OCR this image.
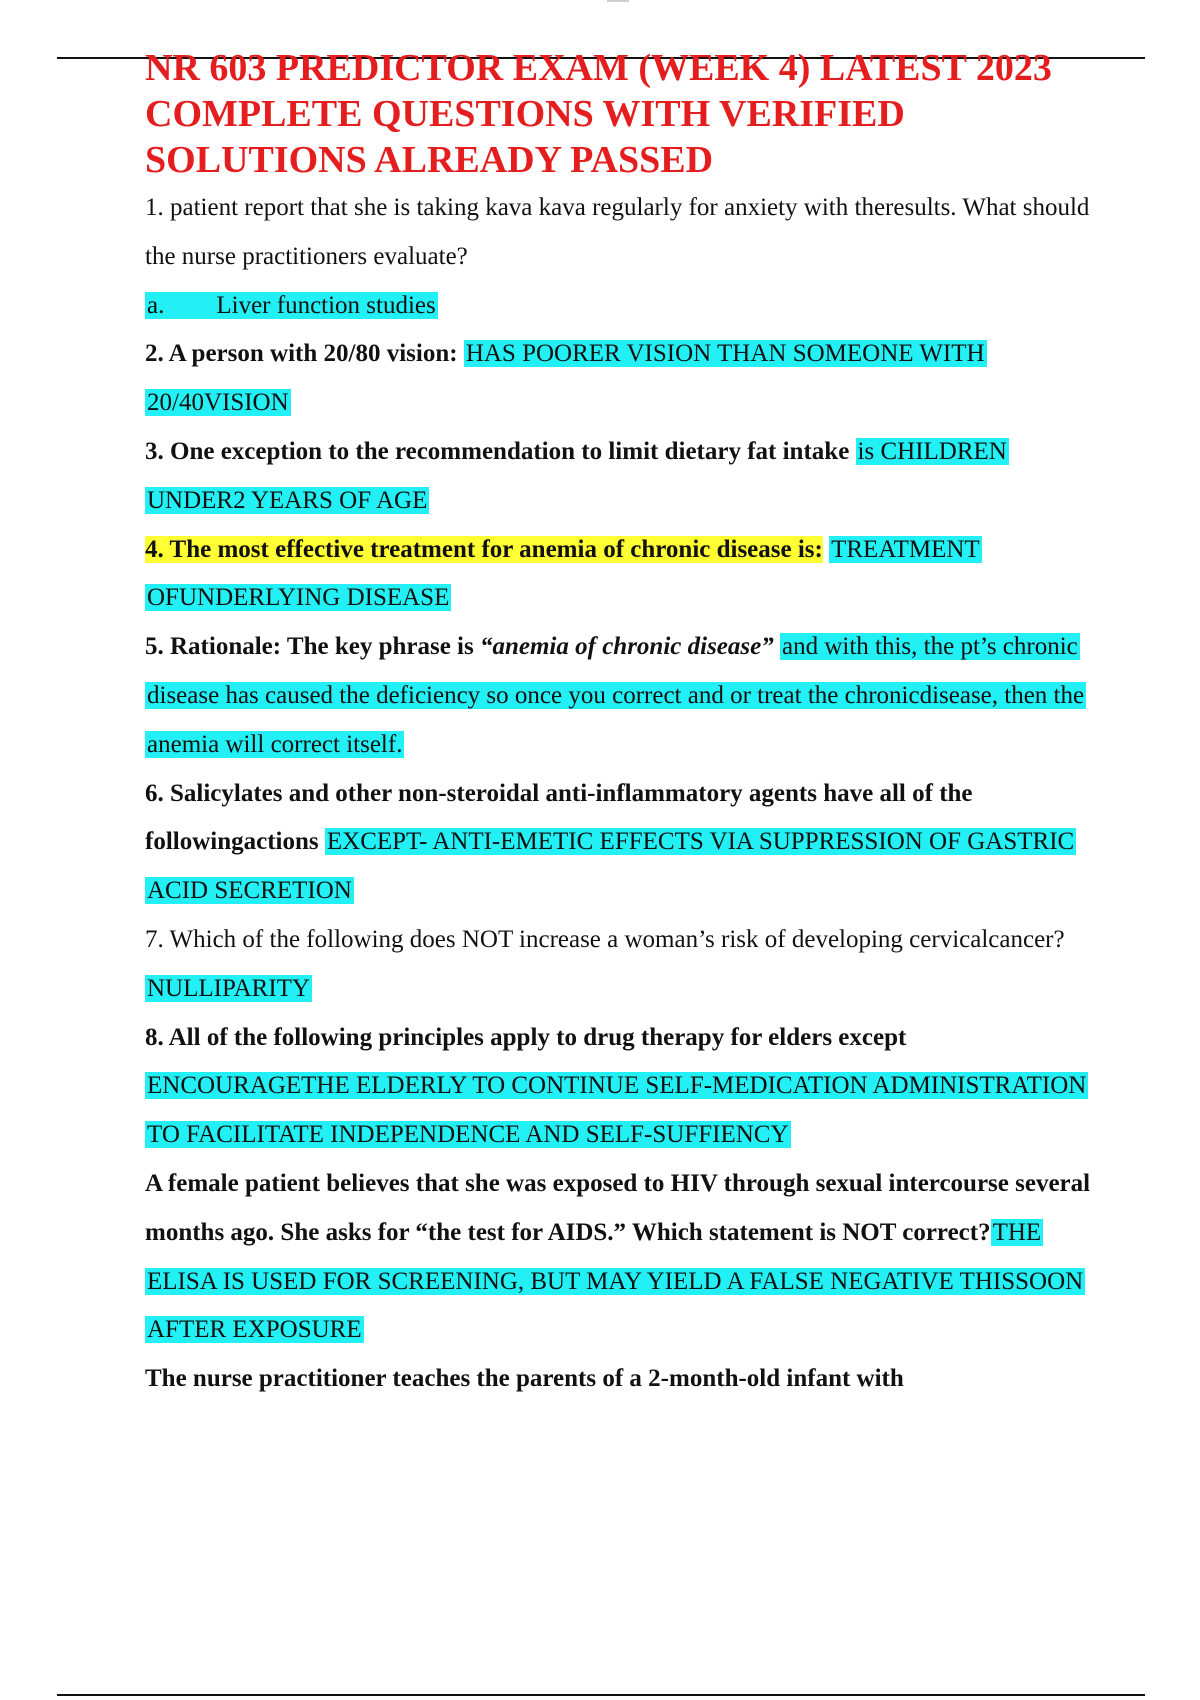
NR 603 PREDICTOR EXAM (WEEK 4) LATEST 2023 COMPLETE QUESTIONS WITH VERIFIED SOLUTIONS ALREADY PASSED

1. patient report that she is taking kava kava regularly for anxiety with theresults. What should the nurse practitioners evaluate?

a. Liver function studies

2. A person with 20/80 vision: HAS POORER VISION THAN SOMEONE WITH 20/40VISION

3. One exception to the recommendation to limit dietary fat intake is CHILDREN UNDER2 YEARS OF AGE

4. The most effective treatment for anemia of chronic disease is: TREATMENT OFUNDERLYING DISEASE

5. Rationale: The key phrase is “anemia of chronic disease” and with this, the pt’s chronic disease has caused the deficiency so once you correct and or treat the chronicdisease, then the anemia will correct itself.

6. Salicylates and other non-steroidal anti-inflammatory agents have all of the followingactions EXCEPT- ANTI-EMETIC EFFECTS VIA SUPPRESSION OF GASTRIC ACID SECRETION

7. Which of the following does NOT increase a woman’s risk of developing cervicalcancer? NULLIPARITY

8. All of the following principles apply to drug therapy for elders except ENCOURAGETHE ELDERLY TO CONTINUE SELF-MEDICATION ADMINISTRATION TO FACILITATE INDEPENDENCE AND SELF-SUFFIENCY

A female patient believes that she was exposed to HIV through sexual intercourse several months ago. She asks for “the test for AIDS.” Which statement is NOT correct?THE ELISA IS USED FOR SCREENING, BUT MAY YIELD A FALSE NEGATIVE THISSOON AFTER EXPOSURE

The nurse practitioner teaches the parents of a 2-month-old infant with
